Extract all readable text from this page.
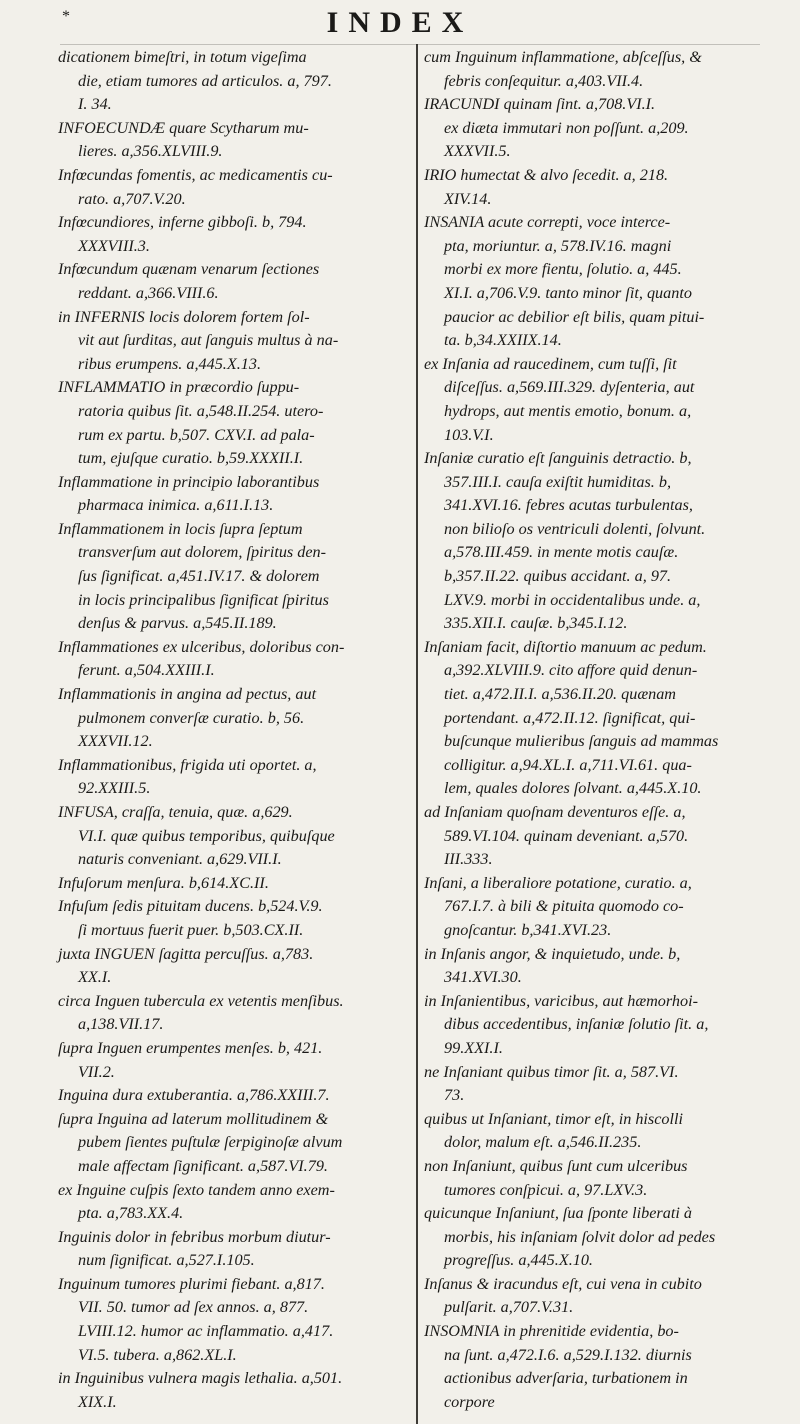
*	INDEX
dicationem bimeſtri, in totum vigeſima
die, etiam tumores ad articulos. a, 797.
I. 34.
INFOECUNDÆ quare Scytharum mu-
lieres. a,356.XLVIII.9.
Infœcundas fomentis, ac medicamentis cu-
rato. a,707.V.20.
Infœcundiores, inferne gibboſi. b, 794.
XXXVIII.3.
Infœcundum quænam venarum ſectiones
reddant. a,366.VIII.6.
in INFERNIS locis dolorem fortem ſol-
vit aut ſurditas, aut ſanguis multus à na-
ribus erumpens. a,445.X.13.
INFLAMMATIO in præcordio ſuppu-
ratoria quibus ſit. a,548.II.254. utero-
rum ex partu. b,507. CXV.I. ad pala-
tum, ejuſque curatio. b,59.XXXII.I.
Inflammatione in principio laborantibus
pharmaca inimica. a,611.I.13.
Inflammationem in locis ſupra ſeptum
transverſum aut dolorem, ſpiritus den-
ſus ſignificat. a,451.IV.17. & dolorem
in locis principalibus ſignificat ſpiritus
denſus & parvus. a,545.II.189.
Inflammationes ex ulceribus, doloribus con-
ferunt. a,504.XXIII.I.
Inflammationis in angina ad pectus, aut
pulmonem converſæ curatio. b, 56.
XXXVII.12.
Inflammationibus, frigida uti oportet. a,
92.XXIII.5.
INFUSA, craſſa, tenuia, quæ. a,629.
VI.I. quæ quibus temporibus, quibuſque
naturis conveniant. a,629.VII.I.
Infuſorum menſura. b,614.XC.II.
Infuſum ſedis pituitam ducens. b,524.V.9.
ſi mortuus fuerit puer. b,503.CX.II.
juxta INGUEN ſagitta percuſſus. a,783.
XX.I.
circa Inguen tubercula ex vetentis menſibus.
a,138.VII.17.
ſupra Inguen erumpentes menſes. b, 421.
VII.2.
Inguina dura extuberantia. a,786.XXIII.7.
ſupra Inguina ad laterum mollitudinem &
pubem ſientes puſtulæ ſerpiginoſæ alvum
male affectam ſignificant. a,587.VI.79.
ex Inguine cuſpis ſexto tandem anno exem-
pta. a,783.XX.4.
Inguinis dolor in febribus morbum diutur-
num ſignificat. a,527.I.105.
Inguinum tumores plurimi fiebant. a,817.
VII. 50. tumor ad ſex annos. a, 877.
LVIII.12. humor ac inflammatio. a,417.
VI.5. tubera. a,862.XL.I.
in Inguinibus vulnera magis lethalia. a,501.
XIX.I.
cum Inguinum inflammatione, abſceſſus, &
febris conſequitur. a,403.VII.4.
IRACUNDI quinam ſint. a,708.VI.I.
ex diæta immutari non poſſunt. a,209.
XXXVII.5.
IRIO humectat & alvo ſecedit. a, 218.
XIV.14.
INSANIA acute correpti, voce interce-
pta, moriuntur. a, 578.IV.16. magni
morbi ex more fientu, ſolutio. a, 445.
XI.I. a,706.V.9. tanto minor ſit, quanto
paucior ac debilior eſt bilis, quam pitui-
ta. b,34.XXIIX.14.
ex Inſania ad raucedinem, cum tuſſi, ſit
diſceſſus. a,569.III.329. dyſenteria, aut
hydrops, aut mentis emotio, bonum. a,
103.V.I.
Inſaniæ curatio eſt ſanguinis detractio. b,
357.III.I. cauſa exiſtit humiditas. b,
341.XVI.16. febres acutas turbulentas,
non bilioſo os ventriculi dolenti, ſolvunt.
a,578.III.459. in mente motis cauſæ.
b,357.II.22. quibus accidant. a, 97.
LXV.9. morbi in occidentalibus unde. a,
335.XII.I. cauſæ. b,345.I.12.
Inſaniam facit, diſtortio manuum ac pedum.
a,392.XLVIII.9. cito affore quid denun-
tiet. a,472.II.I. a,536.II.20. quænam
portendant. a,472.II.12. ſignificat, qui-
buſcunque mulieribus ſanguis ad mammas
colligitur. a,94.XL.I. a,711.VI.61. qua-
lem, quales dolores ſolvant. a,445.X.10.
ad Inſaniam quoſnam deventuros eſſe. a,
589.VI.104. quinam deveniant. a,570.
III.333.
Inſani, a liberaliore potatione, curatio. a,
767.I.7. à bili & pituita quomodo co-
gnoſcantur. b,341.XVI.23.
in Inſanis angor, & inquietudo, unde. b,
341.XVI.30.
in Inſanientibus, varicibus, aut hæmorhoi-
dibus accedentibus, inſaniæ ſolutio ſit. a,
99.XXI.I.
ne Inſaniant quibus timor ſit. a, 587.VI.
73.
quibus ut Inſaniant, timor eſt, in hiscolli
dolor, malum eſt. a,546.II.235.
non Inſaniunt, quibus ſunt cum ulceribus
tumores conſpicui. a, 97.LXV.3.
quicunque Inſaniunt, ſua ſponte liberati à
morbis, his inſaniam ſolvit dolor ad pedes
progreſſus. a,445.X.10.
Inſanus & iracundus eſt, cui vena in cubito
pulſarit. a,707.V.31.
INSOMNIA in phrenitide evidentia, bo-
na ſunt. a,472.I.6. a,529.I.132. diurnis
actionibus adverſaria, turbationem in
corpore
